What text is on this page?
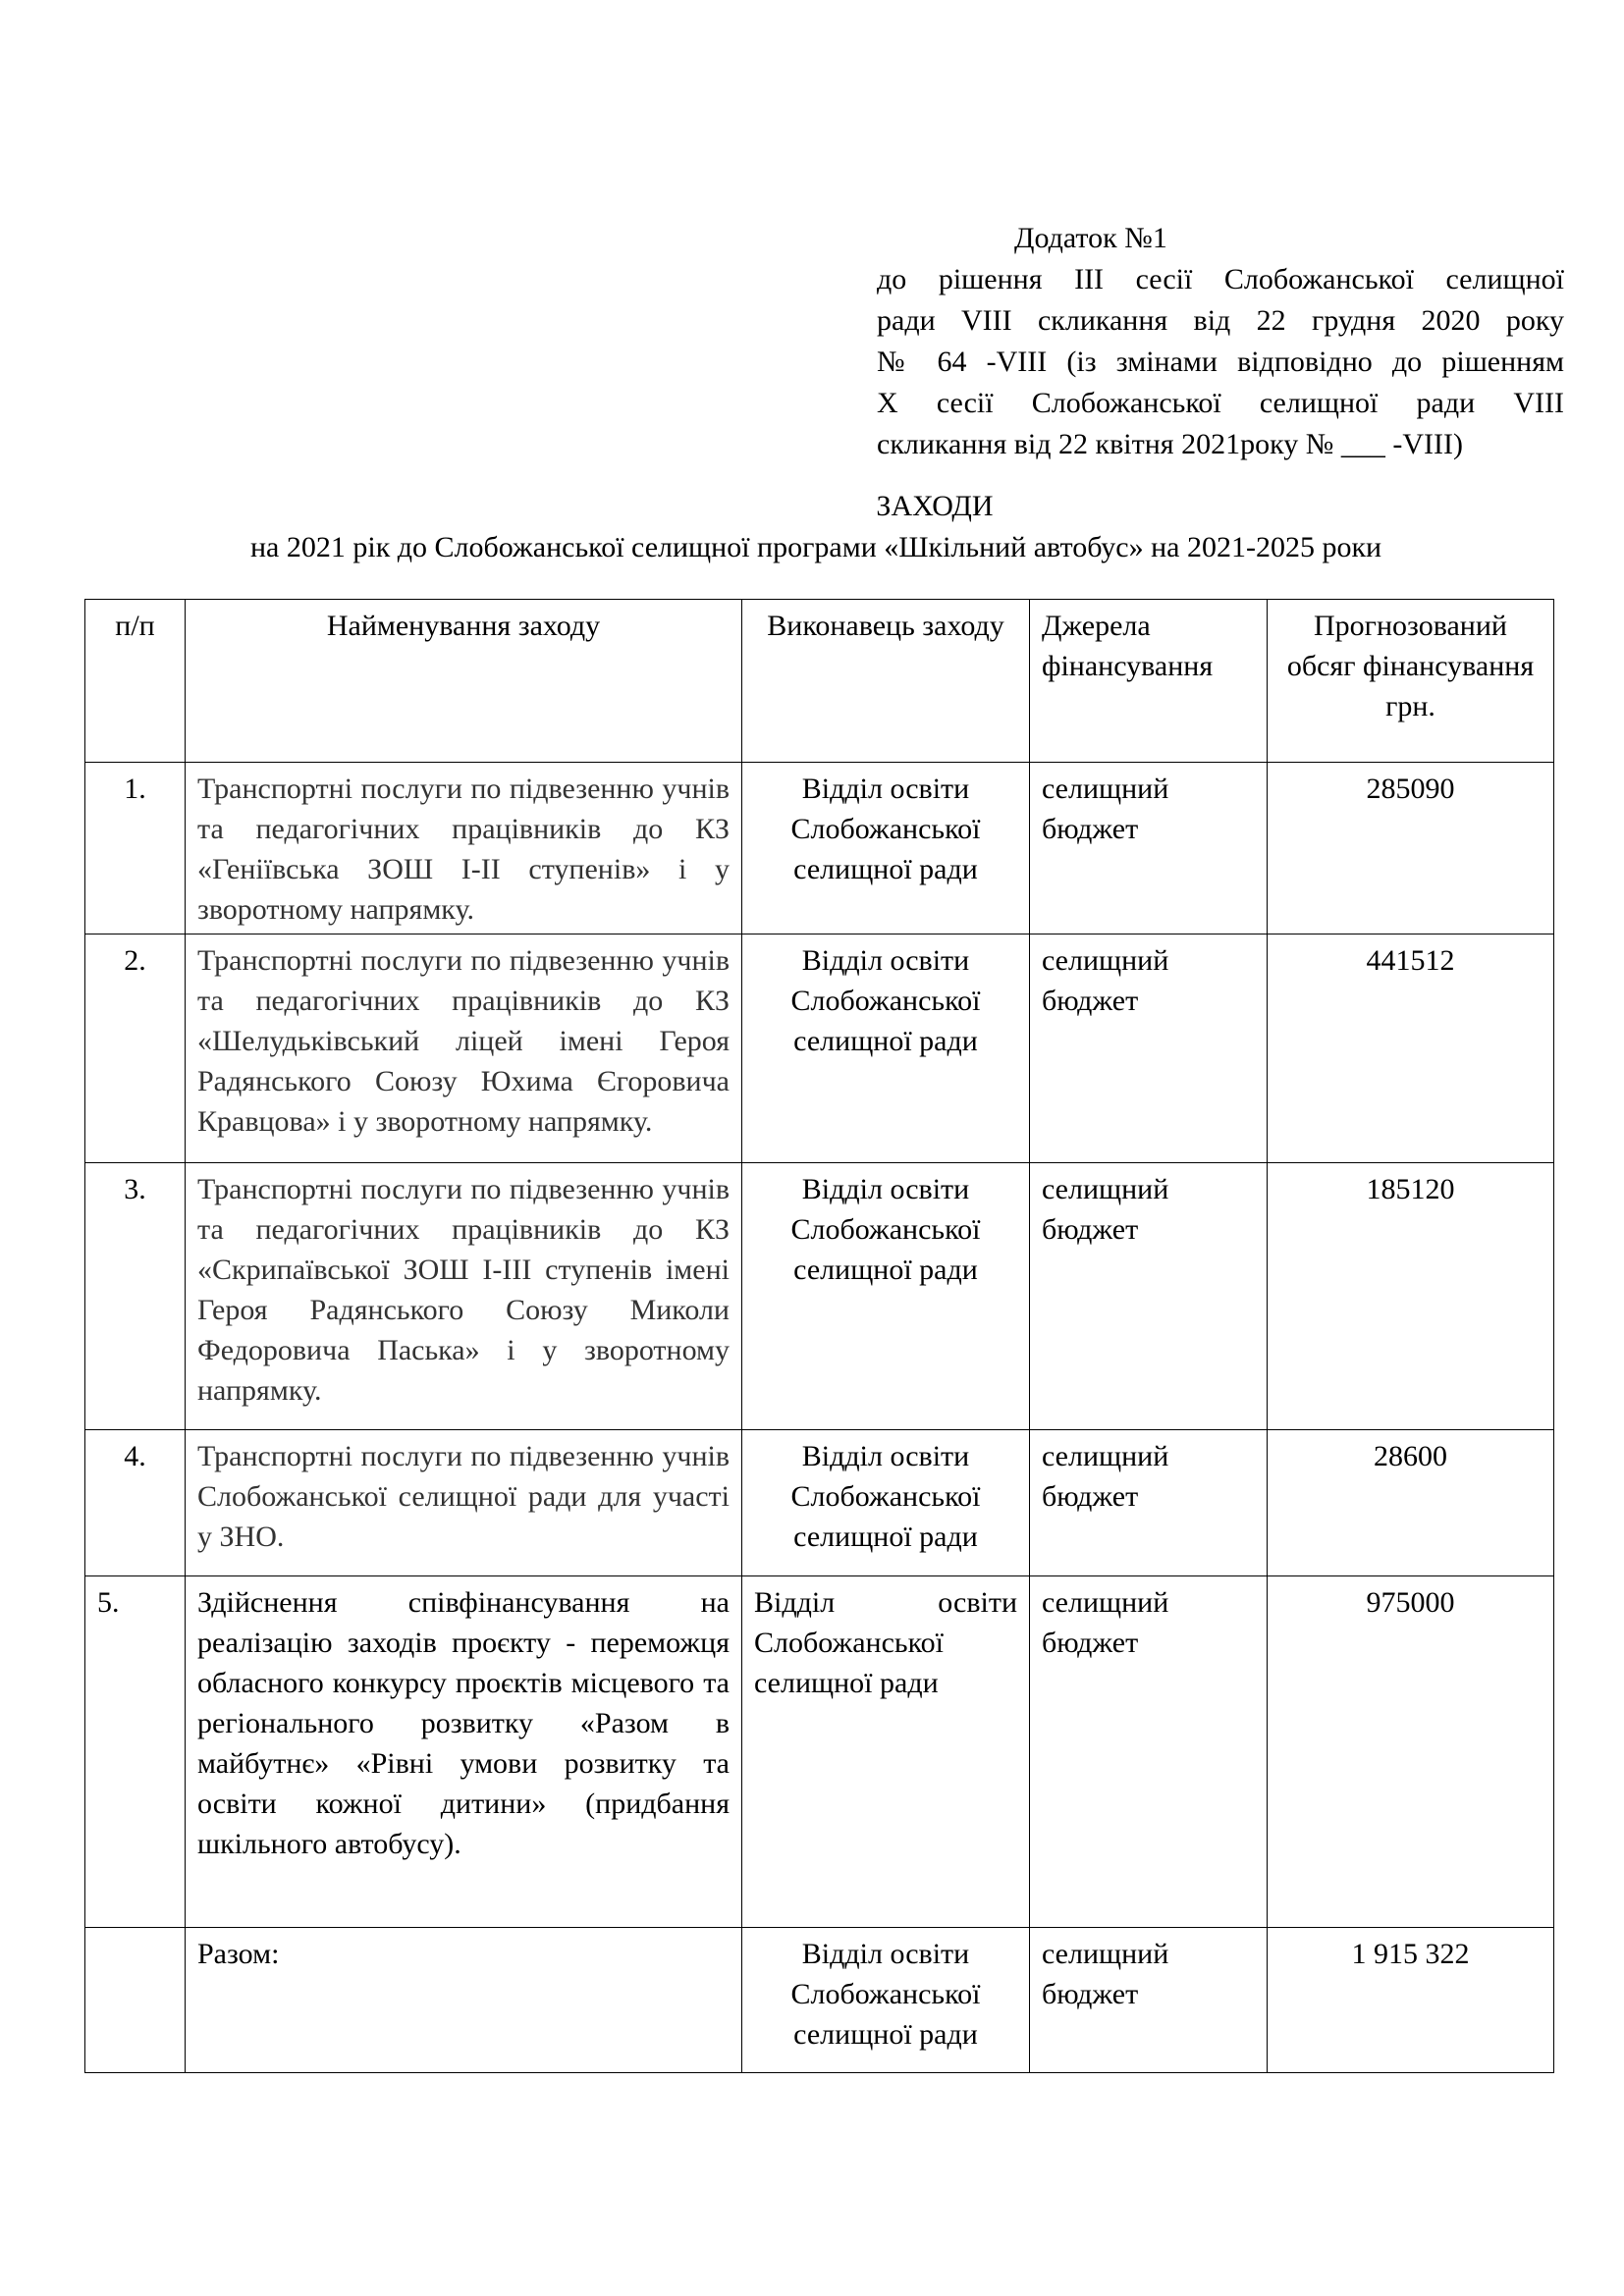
Додаток №1
до рішення ІІІ сесії Слобожанської селищної
ради VIIІ скликання від 22 грудня 2020 року
№ 64 -VIIІ (із змінами відповідно до рішенням
X сесії Слобожанської селищної ради VIII
скликання від 22 квітня 2021року № ___ -VIII)
ЗАХОДИ
на 2021 рік до Слобожанської селищної програми «Шкільний автобус» на 2021-2025 роки
п/п	Найменування заходу	Виконавець заходу	Джерела фінансування	Прогнозований обсяг фінансування грн.
1.	Транспортні послуги по підвезенню учнів та педагогічних працівників до КЗ «Геніївська ЗОШ І-ІІ ступенів» і у зворотному напрямку.	Відділ освіти Слобожанської селищної ради	селищний бюджет	285090
2.	Транспортні послуги по підвезенню учнів та педагогічних працівників до КЗ «Шелудьківський ліцей імені Героя Радянського Союзу Юхима Єгоровича Кравцова» і у зворотному напрямку.	Відділ освіти Слобожанської селищної ради	селищний бюджет	441512
3.	Транспортні послуги по підвезенню учнів та педагогічних працівників до КЗ «Скрипаївської ЗОШ І-ІІІ ступенів імені Героя Радянського Союзу Миколи Федоровича Паська» і у зворотному напрямку.	Відділ освіти Слобожанської селищної ради	селищний бюджет	185120
4.	Транспортні послуги по підвезенню учнів Слобожанської селищної ради для участі у ЗНО.	Відділ освіти Слобожанської селищної ради	селищний бюджет	28600
5.	Здійснення співфінансування на реалізацію заходів проєкту - переможця обласного конкурсу проєктів місцевого та регіонального розвитку «Разом в майбутнє» «Рівні умови розвитку та освіти кожної дитини» (придбання шкільного автобусу).	Відділ освіти Слобожанської селищної ради	селищний бюджет	975000
	Разом:	Відділ освіти Слобожанської селищної ради	селищний бюджет	1 915 322
